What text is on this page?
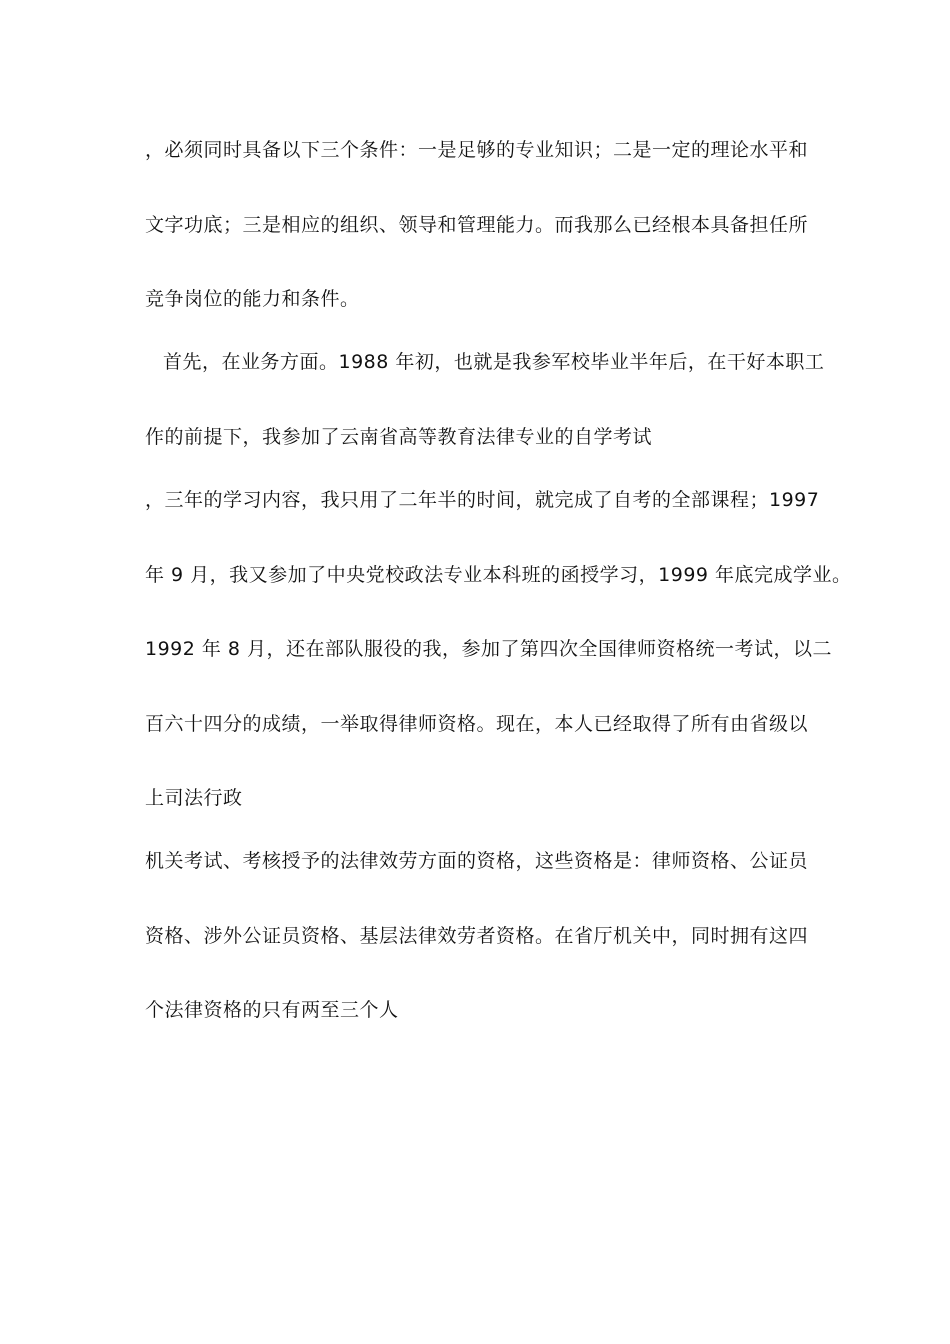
，必须同时具备以下三个条件：一是足够的专业知识；二是一定的理论水平和
文字功底；三是相应的组织、领导和管理能力。而我那么已经根本具备担任所
竞争岗位的能力和条件。
首先，在业务方面。1988 年初，也就是我参军校毕业半年后，在干好本职工
作的前提下，我参加了云南省高等教育法律专业的自学考试
，三年的学习内容，我只用了二年半的时间，就完成了自考的全部课程；1997
年 9 月，我又参加了中央党校政法专业本科班的函授学习，1999 年底完成学业。
1992 年 8 月，还在部队服役的我，参加了第四次全国律师资格统一考试，以二
百六十四分的成绩，一举取得律师资格。现在，本人已经取得了所有由省级以
上司法行政
机关考试、考核授予的法律效劳方面的资格，这些资格是：律师资格、公证员
资格、涉外公证员资格、基层法律效劳者资格。在省厅机关中，同时拥有这四
个法律资格的只有两至三个人
